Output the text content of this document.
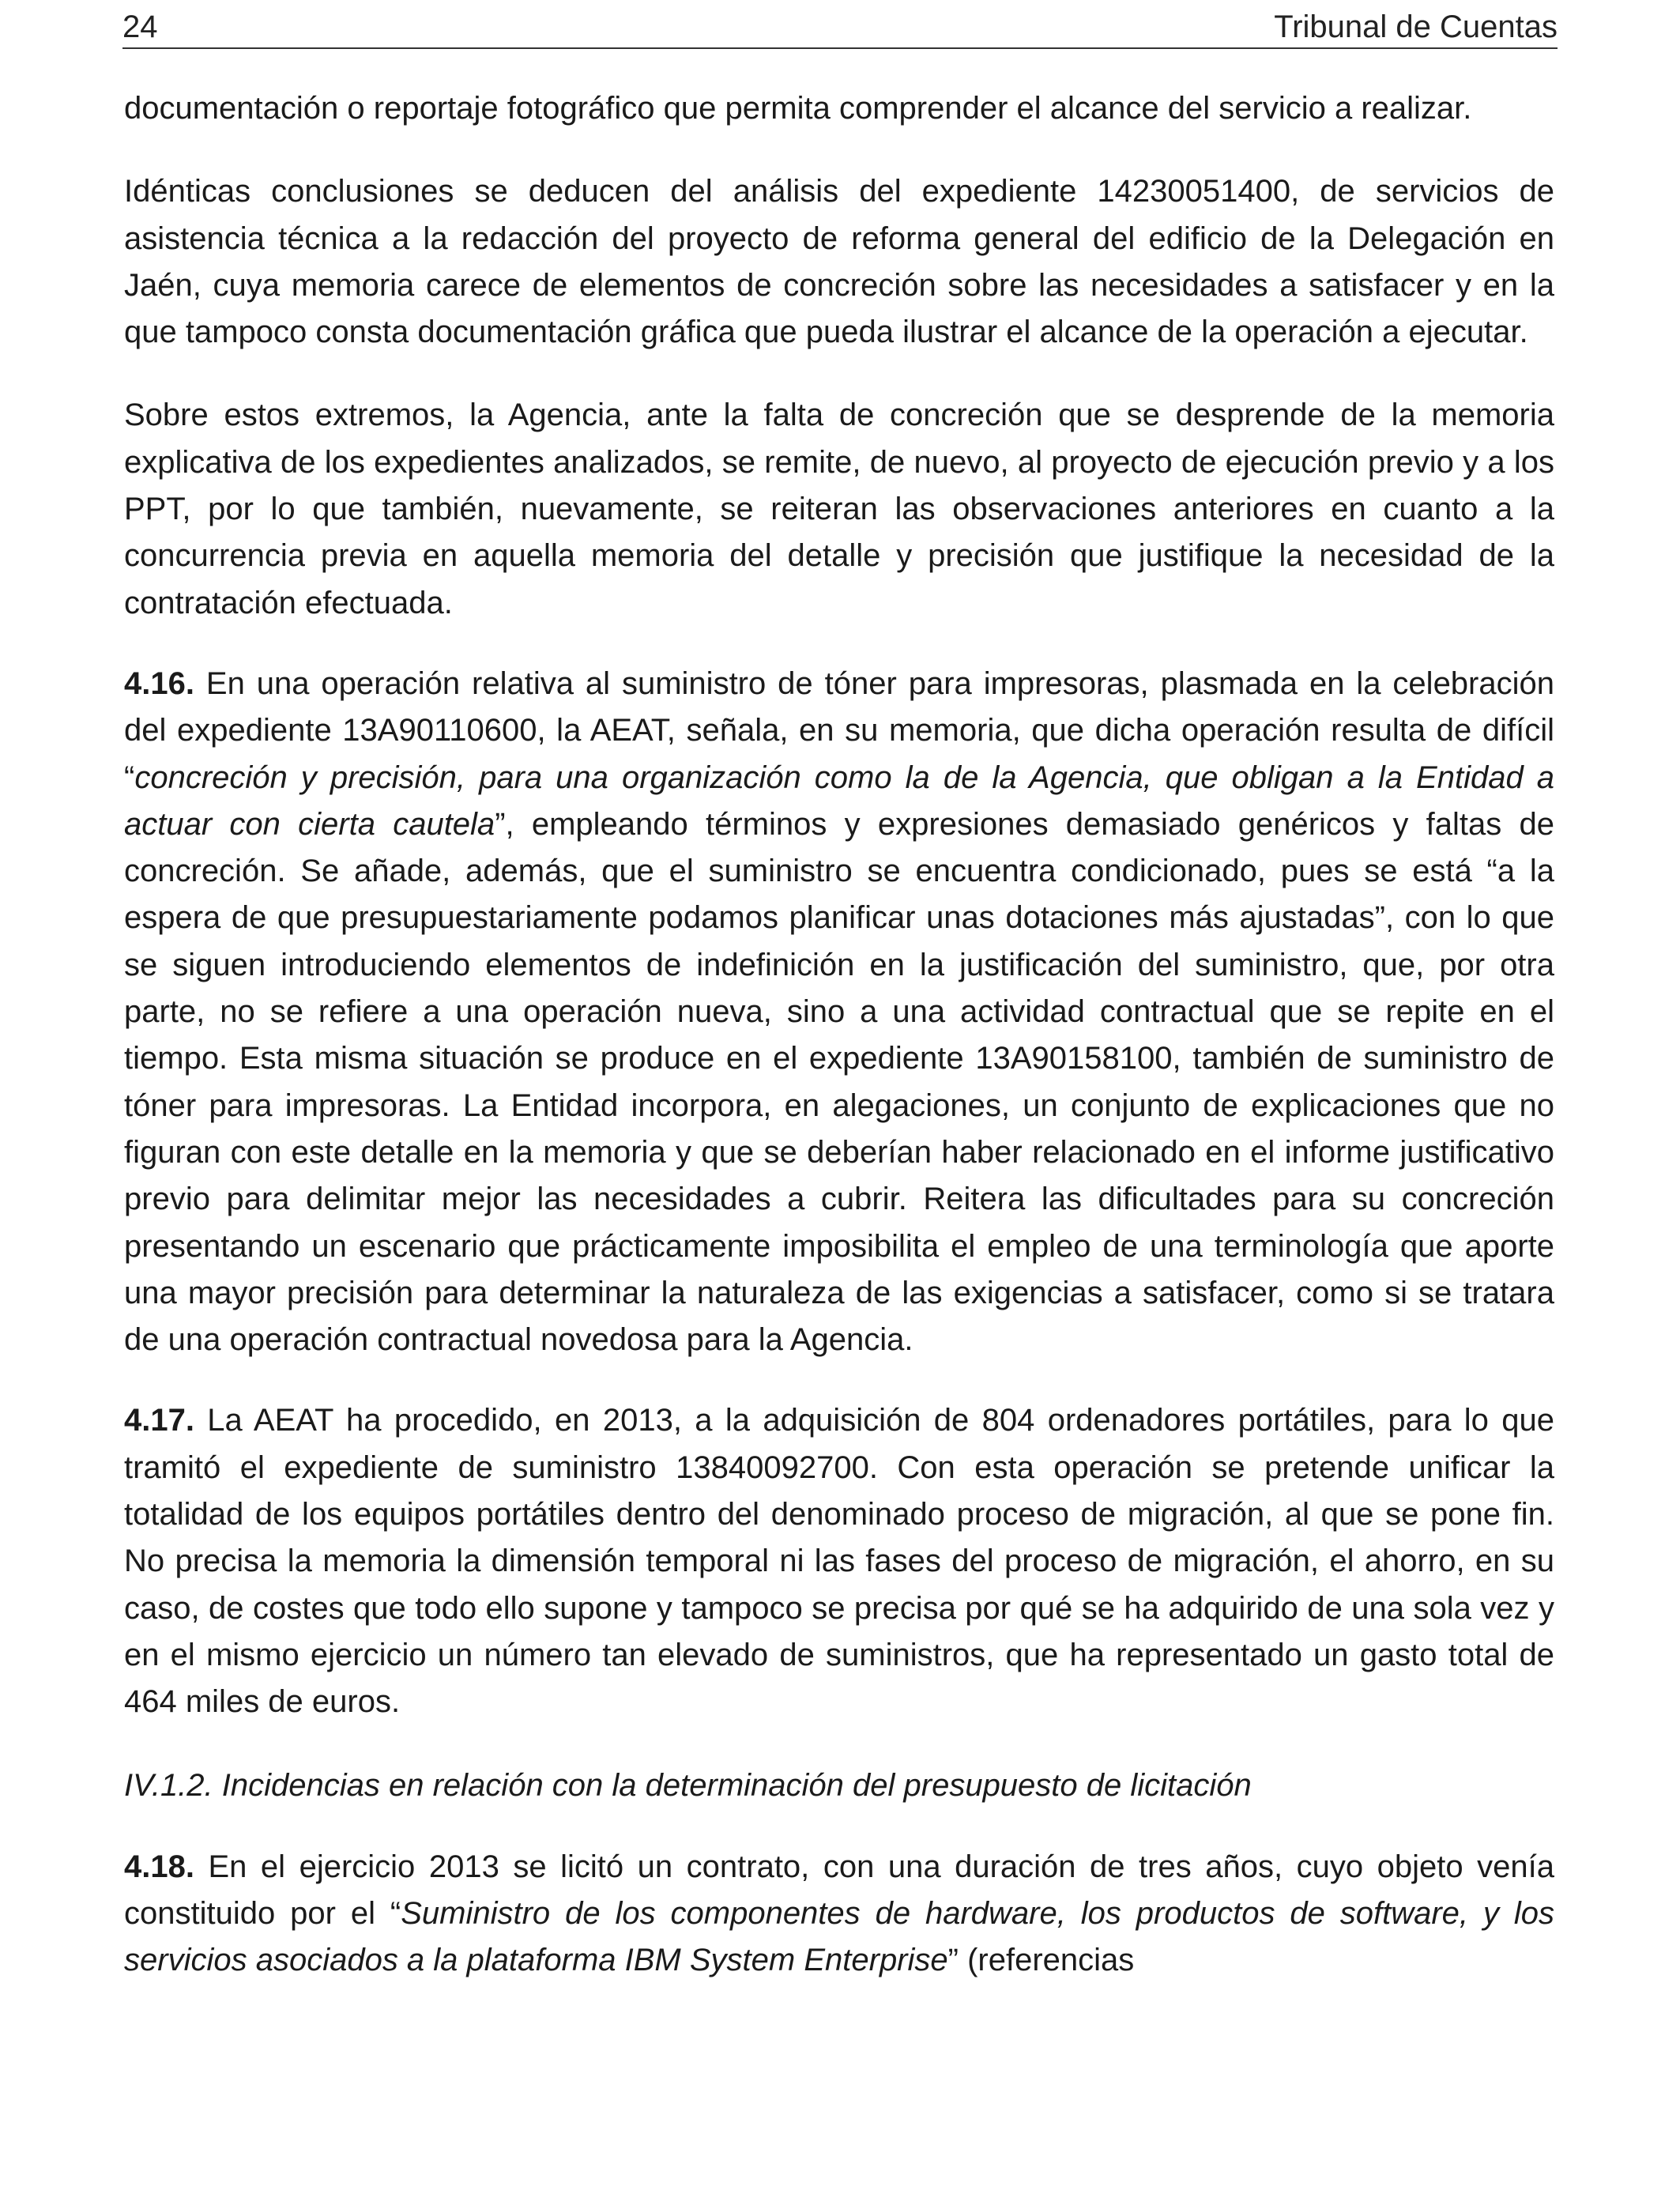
24	Tribunal de Cuentas

documentación o reportaje fotográfico que permita comprender el alcance del servicio a realizar.

Idénticas conclusiones se deducen del análisis del expediente 14230051400, de servicios de asistencia técnica a la redacción del proyecto de reforma general del edificio de la Delegación en Jaén, cuya memoria carece de elementos de concreción sobre las necesidades a satisfacer y en la que tampoco consta documentación gráfica que pueda ilustrar el alcance de la operación a ejecutar.

Sobre estos extremos, la Agencia, ante la falta de concreción que se desprende de la memoria explicativa de los expedientes analizados, se remite, de nuevo, al proyecto de ejecución previo y a los PPT, por lo que también, nuevamente, se reiteran las observaciones anteriores en cuanto a la concurrencia previa en aquella memoria del detalle y precisión que justifique la necesidad de la contratación efectuada.

4.16. En una operación relativa al suministro de tóner para impresoras, plasmada en la celebración del expediente 13A90110600, la AEAT, señala, en su memoria, que dicha operación resulta de difícil “concreción y precisión, para una organización como la de la Agencia, que obligan a la Entidad a actuar con cierta cautela”, empleando términos y expresiones demasiado genéricos y faltas de concreción. Se añade, además, que el suministro se encuentra condicionado, pues se está “a la espera de que presupuestariamente podamos planificar unas dotaciones más ajustadas”, con lo que se siguen introduciendo elementos de indefinición en la justificación del suministro, que, por otra parte, no se refiere a una operación nueva, sino a una actividad contractual que se repite en el tiempo. Esta misma situación se produce en el expediente 13A90158100, también de suministro de tóner para impresoras. La Entidad incorpora, en alegaciones, un conjunto de explicaciones que no figuran con este detalle en la memoria y que se deberían haber relacionado en el informe justificativo previo para delimitar mejor las necesidades a cubrir. Reitera las dificultades para su concreción presentando un escenario que prácticamente imposibilita el empleo de una terminología que aporte una mayor precisión para determinar la naturaleza de las exigencias a satisfacer, como si se tratara de una operación contractual novedosa para la Agencia.

4.17. La AEAT ha procedido, en 2013, a la adquisición de 804 ordenadores portátiles, para lo que tramitó el expediente de suministro 13840092700. Con esta operación se pretende unificar la totalidad de los equipos portátiles dentro del denominado proceso de migración, al que se pone fin. No precisa la memoria la dimensión temporal ni las fases del proceso de migración, el ahorro, en su caso, de costes que todo ello supone y tampoco se precisa por qué se ha adquirido de una sola vez y en el mismo ejercicio un número tan elevado de suministros, que ha representado un gasto total de 464 miles de euros.

IV.1.2. Incidencias en relación con la determinación del presupuesto de licitación

4.18. En el ejercicio 2013 se licitó un contrato, con una duración de tres años, cuyo objeto venía constituido por el “Suministro de los componentes de hardware, los productos de software, y los servicios asociados a la plataforma IBM System Enterprise” (referencias
